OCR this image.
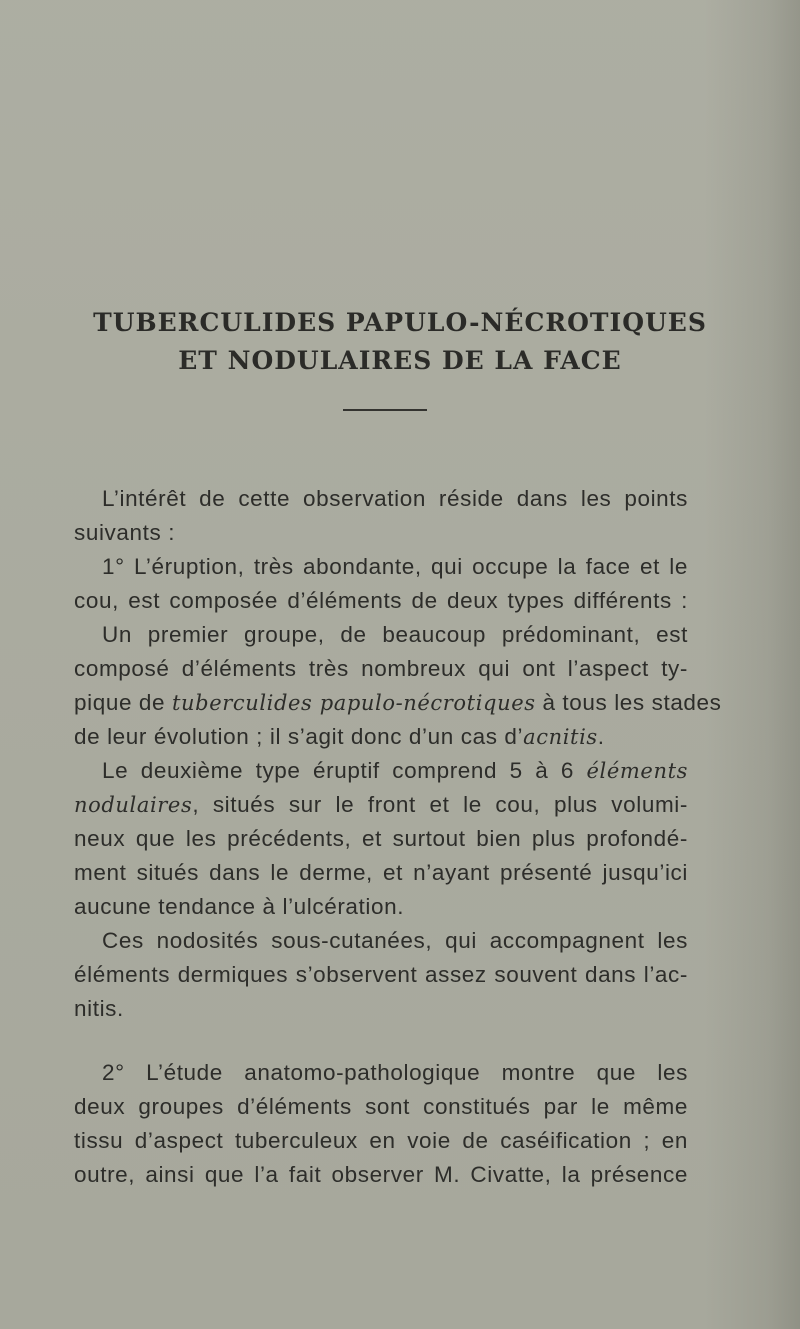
TUBERCULIDES PAPULO-NÉCROTIQUES
ET NODULAIRES DE LA FACE

L’intérêt de cette observation réside dans les points
suivants :

1° L’éruption, très abondante, qui occupe la face et le
cou, est composée d’éléments de deux types différents :

Un premier groupe, de beaucoup prédominant, est
composé d’éléments très nombreux qui ont l’aspect ty-
pique de tuberculides papulo-nécrotiques à tous les stades
de leur évolution ; il s’agit donc d’un cas d’acnitis.

Le deuxième type éruptif comprend 5 à 6 éléments
nodulaires, situés sur le front et le cou, plus volumi-
neux que les précédents, et surtout bien plus profondé-
ment situés dans le derme, et n’ayant présenté jusqu’ici
aucune tendance à l’ulcération.

Ces nodosités sous-cutanées, qui accompagnent les
éléments dermiques s’observent assez souvent dans l’ac-
nitis.

2° L’étude anatomo-pathologique montre que les
deux groupes d’éléments sont constitués par le même
tissu d’aspect tuberculeux en voie de caséification ; en
outre, ainsi que l’a fait observer M. Civatte, la présence
